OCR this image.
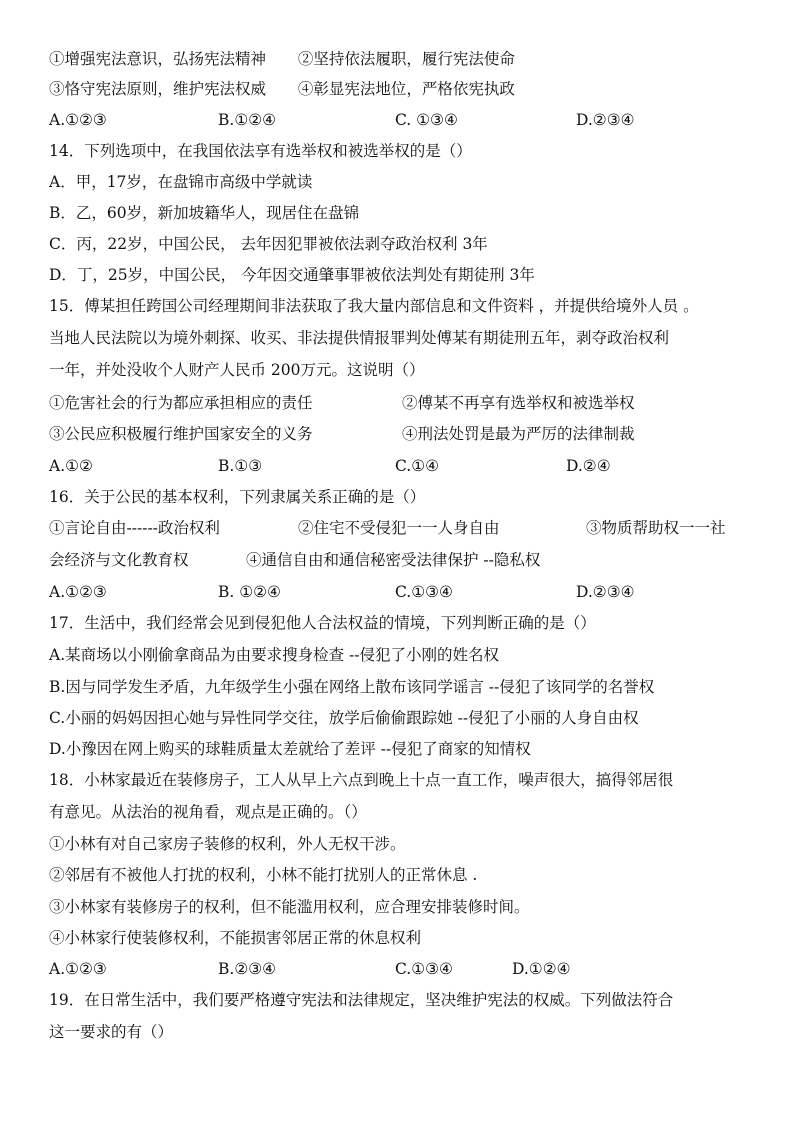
①增强宪法意识，弘扬宪法精神 ②坚持依法履职，履行宪法使命
③恪守宪法原则，维护宪法权威 ④彰显宪法地位，严格依宪执政
A.①②③	B.①②④	C. ①③④	D.②③④
14．下列选项中，在我国依法享有选举权和被选举权的是（）
A．甲，17岁，在盘锦市高级中学就读
B．乙，60岁，新加坡籍华人，现居住在盘锦
C．丙，22岁，中国公民， 去年因犯罪被依法剥夺政治权利 3年
D．丁，25岁，中国公民， 今年因交通肇事罪被依法判处有期徒刑 3年
15．傅某担任跨国公司经理期间非法获取了我大量内部信息和文件资料 ，并提供给境外人员 。
当地人民法院以为境外刺探、收买、非法提供情报罪判处傅某有期徒刑五年，剥夺政治权利
一年，并处没收个人财产人民币 200万元。这说明（）
①危害社会的行为都应承担相应的责任	②傅某不再享有选举权和被选举权
③公民应积极履行维护国家安全的义务	④刑法处罚是最为严厉的法律制裁
A.①②	B.①③	C.①④	D.②④
16．关于公民的基本权利，下列隶属关系正确的是（）
①言论自由------政治权利	②住宅不受侵犯一一人身自由	③物质帮助权一一社
会经济与文化教育权	④通信自由和通信秘密受法律保护 --隐私权
A.①②③	B. ①②④	C.①③④	D.②③④
17．生活中，我们经常会见到侵犯他人合法权益的情境，下列判断正确的是（）
A.某商场以小刚偷拿商品为由要求搜身检查 --侵犯了小刚的姓名权
B.因与同学发生矛盾，九年级学生小强在网络上散布该同学谣言 --侵犯了该同学的名誉权
C.小丽的妈妈因担心她与异性同学交往，放学后偷偷跟踪她 --侵犯了小丽的人身自由权
D.小豫因在网上购买的球鞋质量太差就给了差评 --侵犯了商家的知情权
18．小林家最近在装修房子，工人从早上六点到晚上十点一直工作，噪声很大，搞得邻居很
有意见。从法治的视角看，观点是正确的。（）
①小林有对自己家房子装修的权利，外人无权干涉。
②邻居有不被他人打扰的权利，小林不能打扰别人的正常休息 .
③小林家有装修房子的权利，但不能滥用权利，应合理安排装修时间。
④小林家行使装修权利，不能损害邻居正常的休息权利
A.①②③	B.②③④	C.①③④	D.①②④
19．在日常生活中，我们要严格遵守宪法和法律规定，坚决维护宪法的权威。下列做法符合
这一要求的有（）
